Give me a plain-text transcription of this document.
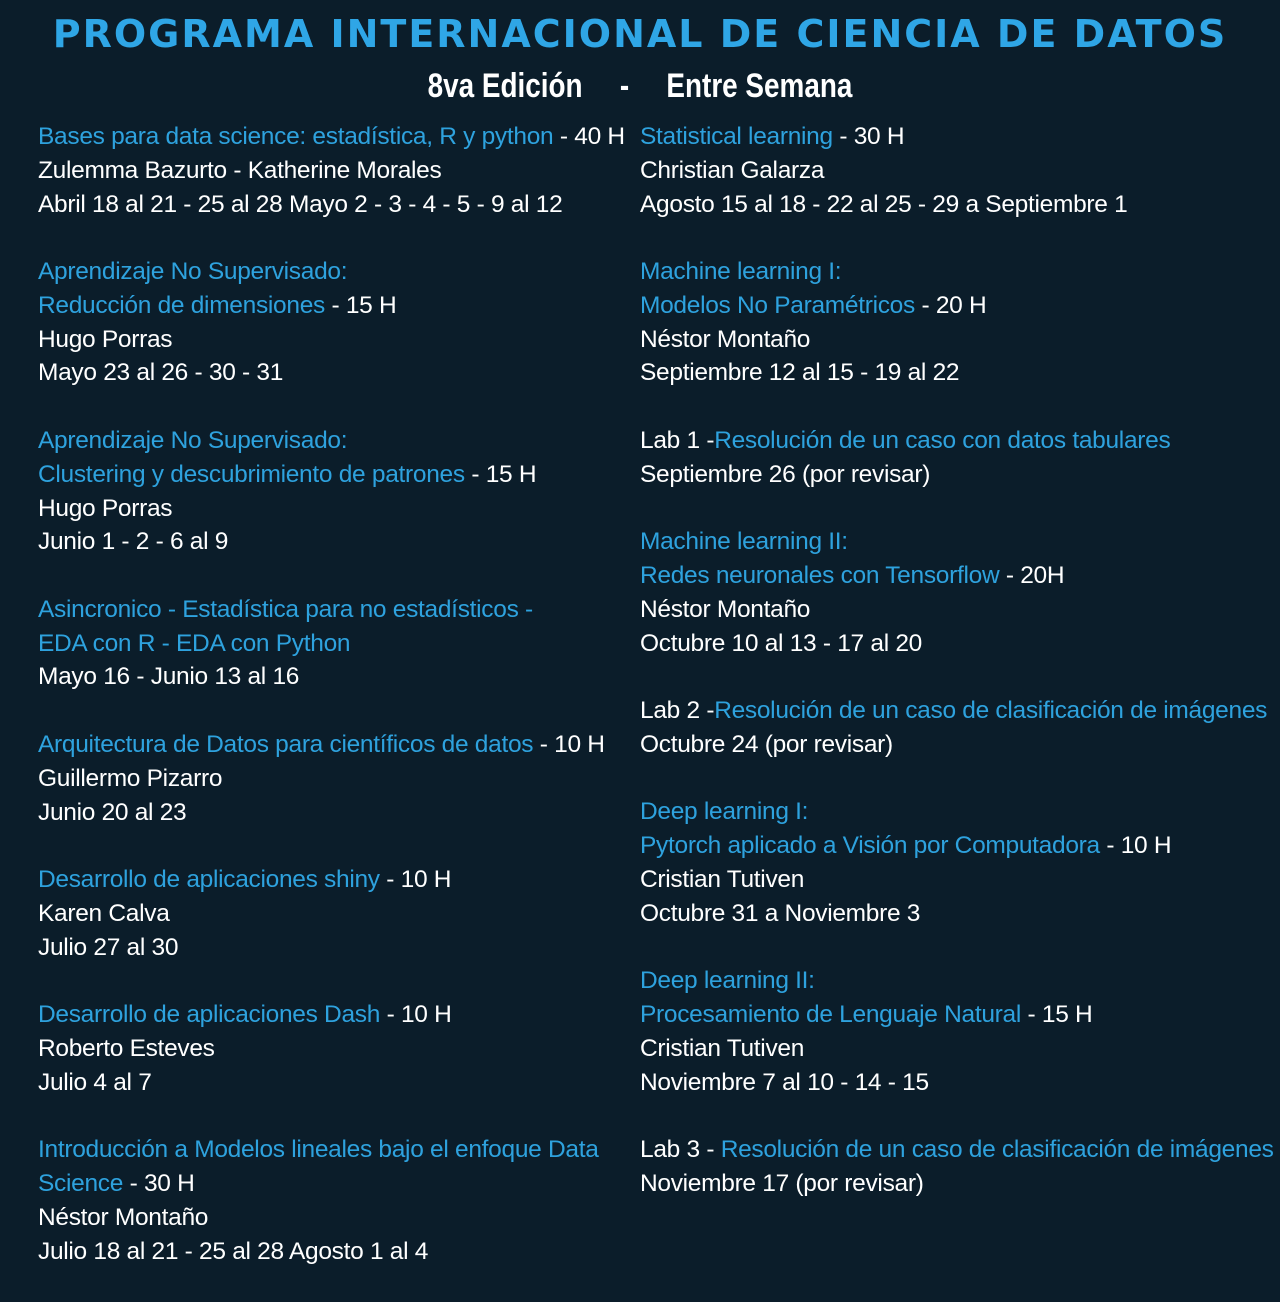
PROGRAMA INTERNACIONAL DE CIENCIA DE DATOS
8va Edición - Entre Semana
Bases para data science: estadística, R y python - 40 H
Zulemma Bazurto - Katherine Morales
Abril 18 al 21 - 25 al 28 Mayo 2 - 3 - 4 - 5 - 9 al 12
Aprendizaje No Supervisado:
Reducción de dimensiones - 15 H
Hugo Porras
Mayo 23 al 26 - 30 - 31
Aprendizaje No Supervisado:
Clustering y descubrimiento de patrones - 15 H
Hugo Porras
Junio 1 - 2 - 6 al 9
Asincronico - Estadística para no estadísticos -
EDA con R - EDA con Python
Mayo 16 - Junio 13 al 16
Arquitectura de Datos para científicos de datos - 10 H
Guillermo Pizarro
Junio 20 al 23
Desarrollo de aplicaciones shiny - 10 H
Karen Calva
Julio 27 al 30
Desarrollo de aplicaciones Dash - 10 H
Roberto Esteves
Julio 4 al 7
Introducción a Modelos lineales bajo el enfoque Data
Science - 30 H
Néstor Montaño
Julio 18 al 21 - 25 al 28 Agosto 1 al 4
Statistical learning - 30 H
Christian Galarza
Agosto 15 al 18 - 22 al 25 - 29 a Septiembre 1
Machine learning I:
Modelos No Paramétricos - 20 H
Néstor Montaño
Septiembre 12 al 15 - 19 al 22
Lab 1 -Resolución de un caso con datos tabulares
Septiembre 26 (por revisar)
Machine learning II:
Redes neuronales con Tensorflow - 20H
Néstor Montaño
Octubre 10 al 13 - 17 al 20
Lab 2 -Resolución de un caso de clasificación de imágenes
Octubre 24 (por revisar)
Deep learning I:
Pytorch aplicado a Visión por Computadora - 10 H
Cristian Tutiven
Octubre 31 a Noviembre 3
Deep learning II:
Procesamiento de Lenguaje Natural - 15 H
Cristian Tutiven
Noviembre 7 al 10 - 14 - 15
Lab 3 - Resolución de un caso de clasificación de imágenes
Noviembre 17 (por revisar)
